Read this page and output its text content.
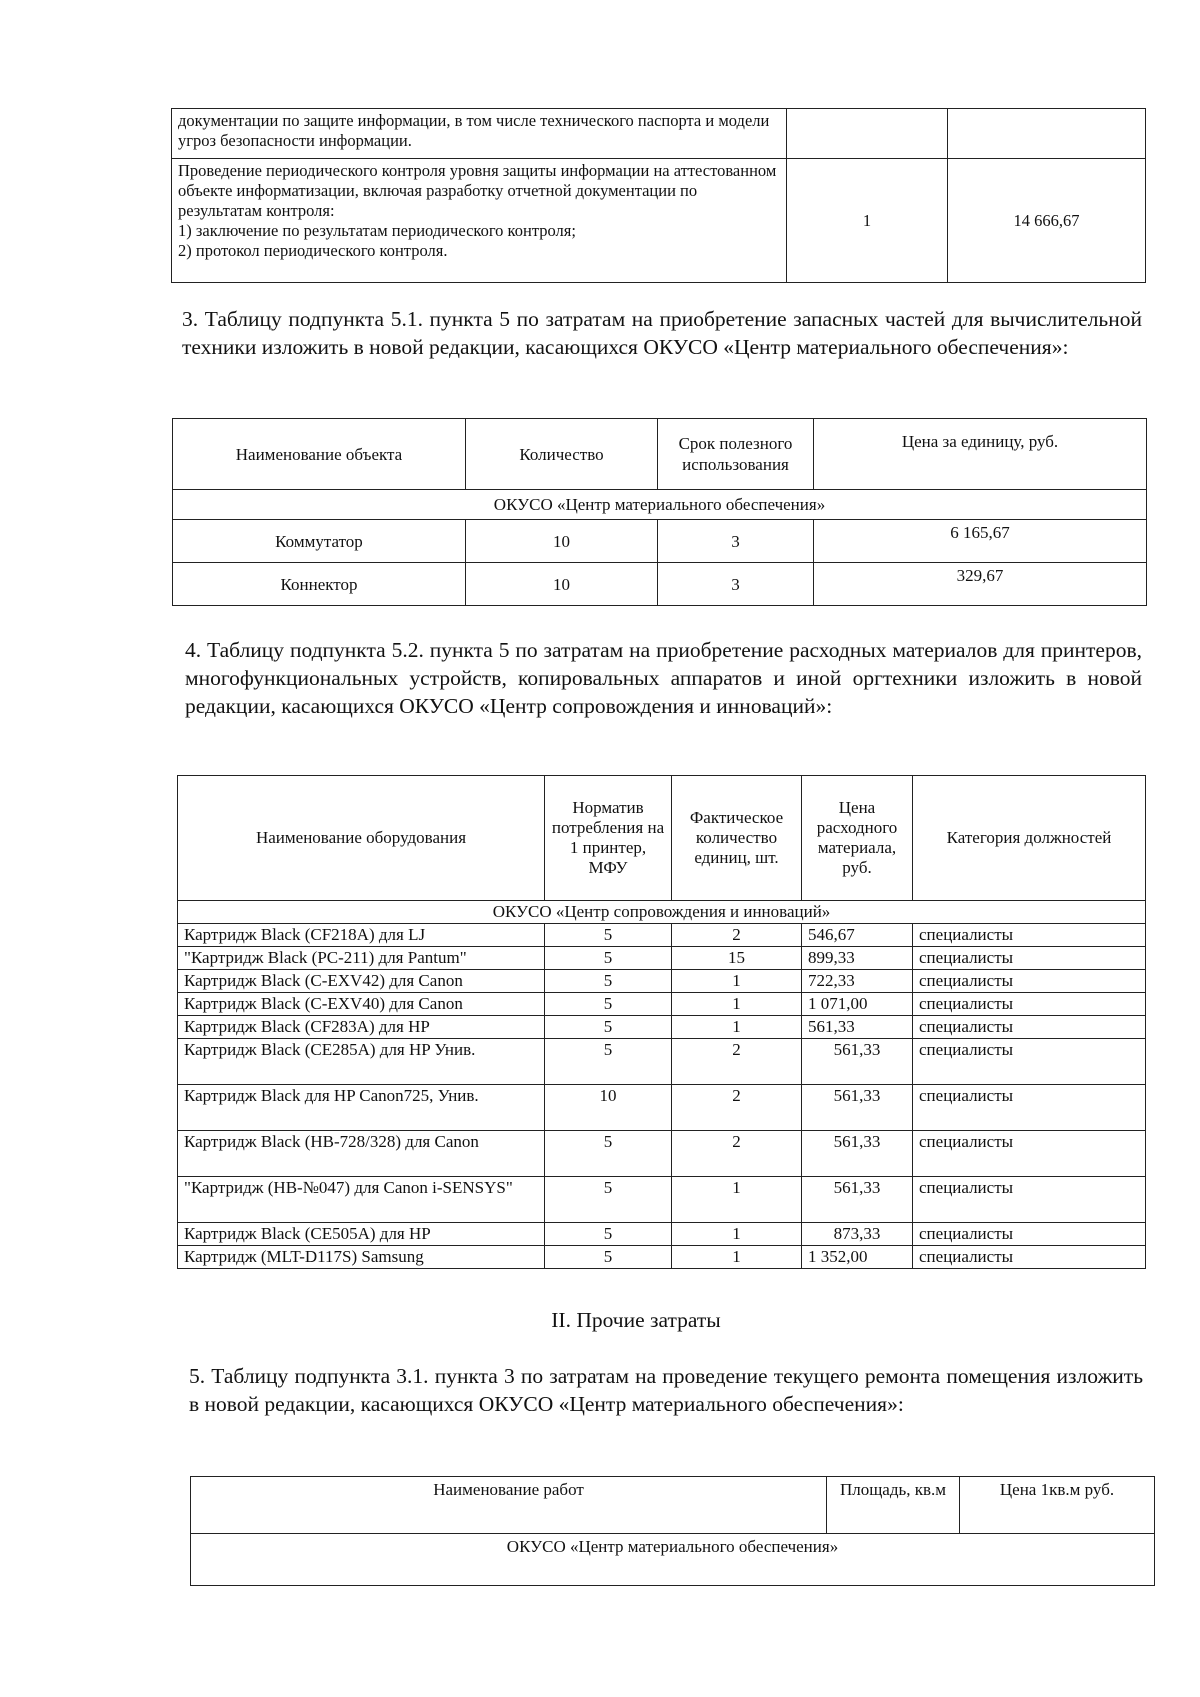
документации по защите информации, в том числе технического паспорта и модели угроз безопасности информации.		

Проведение периодического контроля уровня защиты информации на аттестованном объекте информатизации, включая разработку отчетной документации по результатам контроля:
1) заключение по результатам периодического контроля;
2) протокол периодического контроля.	1	14 666,67
3. Таблицу подпункта 5.1. пункта 5 по затратам на приобретение запасных частей для вычислительной техники изложить в новой редакции, касающихся ОКУСО «Центр материального обеспечения»:
Наименование объекта	Количество	Срок полезного использования	Цена за единицу, руб.
ОКУСО «Центр материального обеспечения»			
Коммутатор	10	3	6 165,67
Коннектор	10	3	329,67
4. Таблицу подпункта 5.2. пункта 5 по затратам на приобретение расходных материалов для принтеров, многофункциональных устройств, копировальных аппаратов и иной оргтехники изложить в новой редакции, касающихся ОКУСО «Центр сопровождения и инноваций»:
Наименование оборудования	Норматив потребления на 1 принтер, МФУ	Фактическое количество единиц, шт.	Цена расходного материала, руб.	Категория должностей
ОКУСО «Центр сопровождения и инноваций»				
Картридж Black (CF218A) для LJ	5	2	546,67	специалисты
"Картридж Black (PC-211) для Pantum"	5	15	899,33	специалисты
Картридж Black (C-EXV42) для Canon	5	1	722,33	специалисты
Картридж Black (C-EXV40) для Canon	5	1	1 071,00	специалисты
Картридж Black (CF283A) для HP	5	1	561,33	специалисты
Картридж Black (CE285A) для HP Унив.	5	2	561,33	специалисты
Картридж Black для HP Canon725, Унив.	10	2	561,33	специалисты
Картридж Black (HB-728/328) для Canon	5	2	561,33	специалисты
"Картридж (HB-№047) для Canon i-SENSYS"	5	1	561,33	специалисты
Картридж Black (CE505A) для HP	5	1	873,33	специалисты
Картридж (MLT-D117S) Samsung	5	1	1 352,00	специалисты
II. Прочие затраты
5. Таблицу подпункта 3.1. пункта 3 по затратам на проведение текущего ремонта помещения изложить в новой редакции, касающихся ОКУСО «Центр материального обеспечения»:
Наименование работ	Площадь, кв.м	Цена 1кв.м руб.
ОКУСО «Центр материального обеспечения»
